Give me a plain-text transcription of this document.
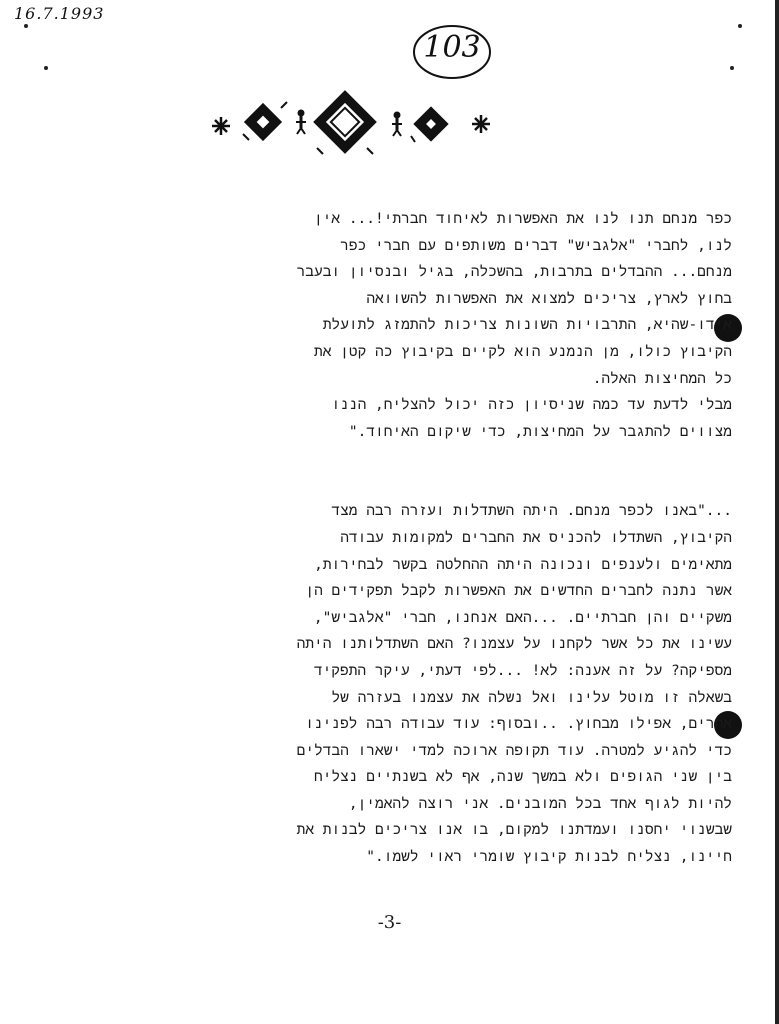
16.7.1993
103
כפר מנחם תנו לנו את האפשרות לאיחוד חברתי!... אין
לנו, לחברי "אלגביש" דברים משותפים עם חברי כפר
מנחם... ההבדלים בתרבות, בהשכלה, בגיל ובנסיון ובעבר
בחוץ לארץ, צריכים למצוא את האפשרות להשוואה
אידו-שהיא, התרבויות השונות צריכות להתמזג לתועלת
הקיבוץ כולו, מן הנמנע הוא לקיים בקיבוץ כה קטן את
כל המחיצות האלה.
מבלי לדעת עד כמה שניסיון כזה יכול להצליח, הננו
מצווים להתגבר על המחיצות, כדי שיקום האיחוד."
..."באנו לכפר מנחם. היתה השתדלות ועזרה רבה מצד
הקיבוץ, השתדלו להכניס את החברים למקומות עבודה
מתאימים ולענפים ונכונה היתה ההחלטה בקשר לבחירות,
אשר נתנה לחברים החדשים את האפשרות לקבל תפקידים הן
משקיים והן חברתיים. ...האם אנחנו, חברי "אלגביש",
עשינו את כל אשר לקחנו על עצמנו? האם השתדלותנו היתה
מספיקה? על זה אענה: לא! ...לפי דעתי, עיקר התפקיד
בשאלה זו מוטל עלינו ואל נשלה את עצמנו בעזרה של
אחרים, אפילו מבחוץ. ..ובסוף: עוד עבודה רבה לפנינו
כדי להגיע למטרה. עוד תקופה ארוכה למדי ישארו הבדלים
בין שני הגופים ולא במשך שנה, אף לא בשנתיים נצליח
להיות לגוף אחד בכל המובנים. אני רוצה להאמין,
שבשנוי יחסנו ועמדתנו למקום, בו אנו צריכים לבנות את
חיינו, נצליח לבנות קיבוץ שומרי ראוי לשמו."
-3-
